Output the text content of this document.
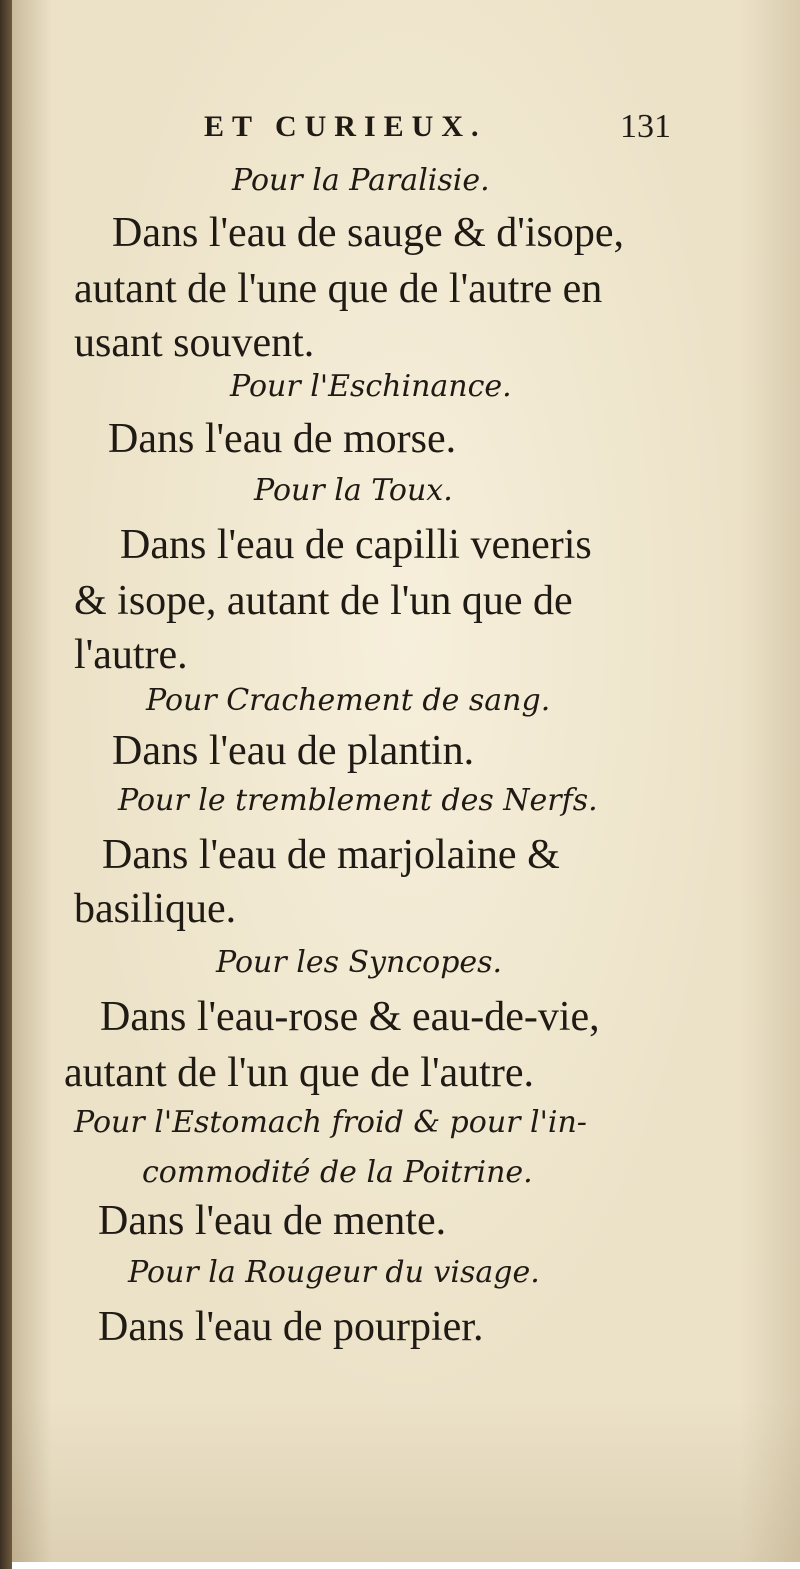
ET CURIEUX.	131
Pour la Paralisie.
Dans l'eau de sauge & d'isope,
autant de l'une que de l'autre en
usant souvent.
Pour l'Eschinance.
Dans l'eau de morse.
Pour la Toux.
Dans l'eau de capilli veneris
& isope, autant de l'un que de
l'autre.
Pour Crachement de sang.
Dans l'eau de plantin.
Pour le tremblement des Nerfs.
Dans l'eau de marjolaine &
basilique.
Pour les Syncopes.
Dans l'eau-rose & eau-de-vie,
autant de l'un que de l'autre.
Pour l'Estomach froid & pour l'in-
commodité de la Poitrine.
Dans l'eau de mente.
Pour la Rougeur du visage.
Dans l'eau de pourpier.
